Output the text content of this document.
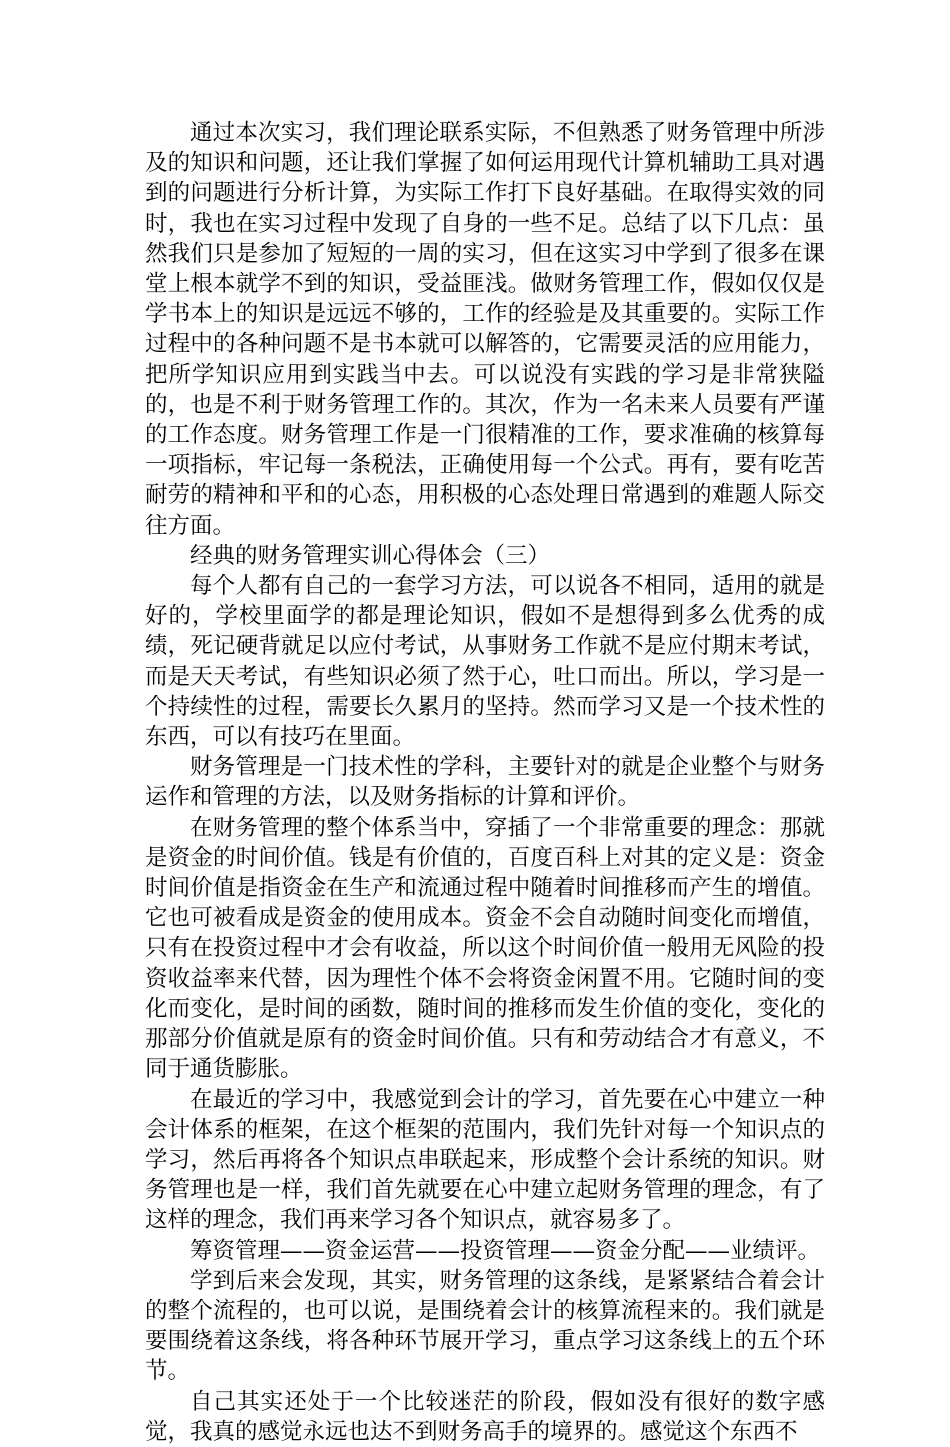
通过本次实习，我们理论联系实际，不但熟悉了财务管理中所涉及的知识和问题，还让我们掌握了如何运用现代计算机辅助工具对遇到的问题进行分析计算，为实际工作打下良好基础。在取得实效的同时，我也在实习过程中发现了自身的一些不足。总结了以下几点：虽然我们只是参加了短短的一周的实习，但在这实习中学到了很多在课堂上根本就学不到的知识，受益匪浅。做财务管理工作，假如仅仅是学书本上的知识是远远不够的，工作的经验是及其重要的。实际工作过程中的各种问题不是书本就可以解答的，它需要灵活的应用能力，把所学知识应用到实践当中去。可以说没有实践的学习是非常狭隘的，也是不利于财务管理工作的。其次，作为一名未来人员要有严谨的工作态度。财务管理工作是一门很精准的工作，要求准确的核算每一项指标，牢记每一条税法，正确使用每一个公式。再有，要有吃苦耐劳的精神和平和的心态，用积极的心态处理日常遇到的难题人际交往方面。

经典的财务管理实训心得体会（三）

每个人都有自己的一套学习方法，可以说各不相同，适用的就是好的，学校里面学的都是理论知识，假如不是想得到多么优秀的成绩，死记硬背就足以应付考试，从事财务工作就不是应付期末考试，而是天天考试，有些知识必须了然于心，吐口而出。所以，学习是一个持续性的过程，需要长久累月的坚持。然而学习又是一个技术性的东西，可以有技巧在里面。

财务管理是一门技术性的学科，主要针对的就是企业整个与财务运作和管理的方法，以及财务指标的计算和评价。

在财务管理的整个体系当中，穿插了一个非常重要的理念：那就是资金的时间价值。钱是有价值的，百度百科上对其的定义是：资金时间价值是指资金在生产和流通过程中随着时间推移而产生的增值。它也可被看成是资金的使用成本。资金不会自动随时间变化而增值，只有在投资过程中才会有收益，所以这个时间价值一般用无风险的投资收益率来代替，因为理性个体不会将资金闲置不用。它随时间的变化而变化，是时间的函数，随时间的推移而发生价值的变化，变化的那部分价值就是原有的资金时间价值。只有和劳动结合才有意义，不同于通货膨胀。

在最近的学习中，我感觉到会计的学习，首先要在心中建立一种会计体系的框架，在这个框架的范围内，我们先针对每一个知识点的学习，然后再将各个知识点串联起来，形成整个会计系统的知识。财务管理也是一样，我们首先就要在心中建立起财务管理的理念，有了这样的理念，我们再来学习各个知识点，就容易多了。

筹资管理——资金运营——投资管理——资金分配——业绩评。

学到后来会发现，其实，财务管理的这条线，是紧紧结合着会计的整个流程的，也可以说，是围绕着会计的核算流程来的。我们就是要围绕着这条线，将各种环节展开学习，重点学习这条线上的五个环节。

自己其实还处于一个比较迷茫的阶段，假如没有很好的数字感觉，我真的感觉永远也达不到财务高手的境界的。感觉这个东西不
